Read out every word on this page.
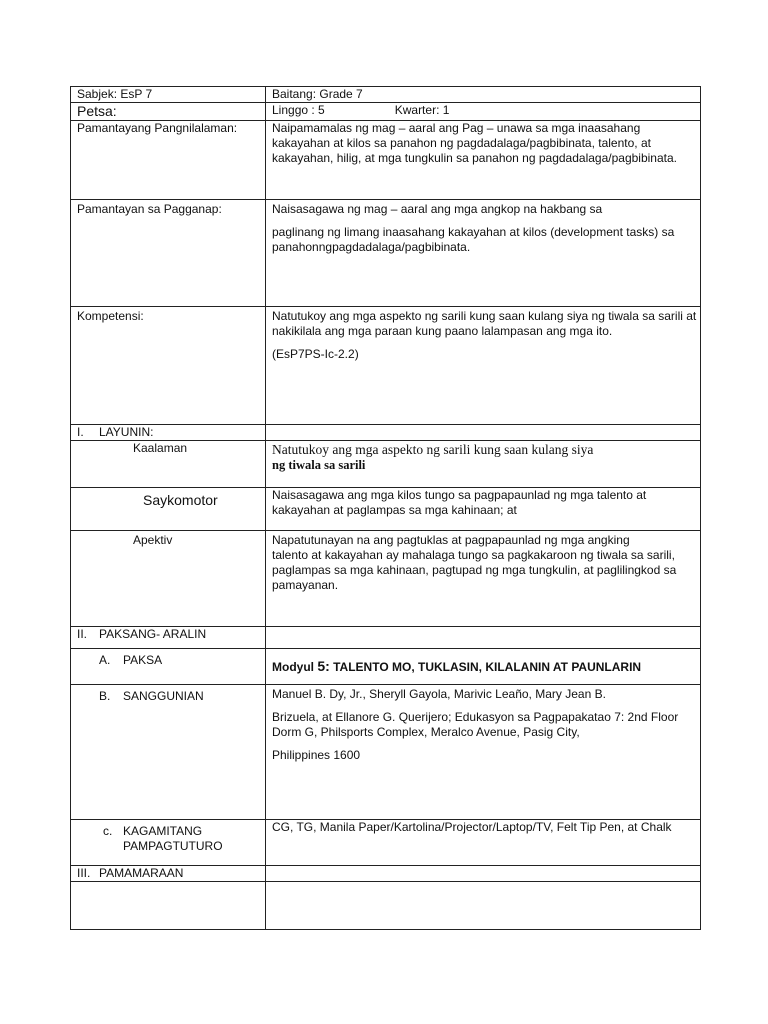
Sabjek: EsP 7	Baitang: Grade 7
Petsa:	Linggo : 5 Kwarter: 1
Pamantayang Pangnilalaman:	Naipamamalas ng mag – aaral ang Pag – unawa sa mga inaasahang kakayahan at kilos sa panahon ng pagdadalaga/pagbibinata, talento, at kakayahan, hilig, at mga tungkulin sa panahon ng pagdadalaga/pagbibinata.
Pamantayan sa Pagganap:	Naisasagawa ng mag – aaral ang mga angkop na hakbang sa

paglinang ng limang inaasahang kakayahan at kilos (development tasks) sa panahonngpagdadalaga/pagbibinata.

Kompetensi:	Natutukoy ang mga aspekto ng sarili kung saan kulang siya ng tiwala sa sarili at nakikilala ang mga paraan kung paano lalampasan ang mga ito.

(EsP7PS-Ic-2.2)

I. LAYUNIN:	
Kaalaman	Natutukoy ang mga aspekto ng sarili kung saan kulang siya
ng tiwala sa sarili

Saykomotor	Naisasagawa ang mga kilos tungo sa pagpapaunlad ng mga talento at kakayahan at paglampas sa mga kahinaan; at
Apektiv	Napatutunayan na ang pagtuklas at pagpapaunlad ng mga angking
talento at kakayahan ay mahalaga tungo sa pagkakaroon ng tiwala sa sarili, paglampas sa mga kahinaan, pagtupad ng mga tungkulin, at paglilingkod sa pamayanan.

II. PAKSANG- ARALIN	
A. PAKSA	Modyul 5: TALENTO MO, TUKLASIN, KILALANIN AT PAUNLARIN
B. SANGGUNIAN	Manuel B. Dy, Jr., Sheryll Gayola, Marivic Leaño, Mary Jean B.

Brizuela, at Ellanore G. Querijero; Edukasyon sa Pagpapakatao 7: 2nd Floor Dorm G, Philsports Complex, Meralco Avenue, Pasig City,

Philippines 1600

c. KAGAMITANG
PAMPAGTUTURO	CG, TG, Manila Paper/Kartolina/Projector/Laptop/TV, Felt Tip Pen, at Chalk
III. PAMAMARAAN	
